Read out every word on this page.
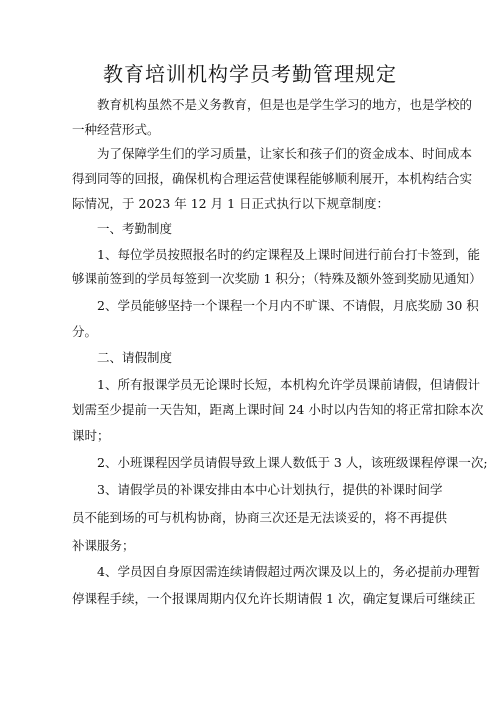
教育培训机构学员考勤管理规定
教育机构虽然不是义务教育，但是也是学生学习的地方，也是学校的
一种经营形式。
为了保障学生们的学习质量，让家长和孩子们的资金成本、时间成本
得到同等的回报，确保机构合理运营使课程能够顺利展开，本机构结合实
际情况，于 2023 年 12 月 1 日正式执行以下规章制度：
一、考勤制度
1、每位学员按照报名时的约定课程及上课时间进行前台打卡签到，能
够课前签到的学员每签到一次奖励 1 积分；（特殊及额外签到奖励见通知）
2、学员能够坚持一个课程一个月内不旷课、不请假，月底奖励 30 积
分。
二、请假制度
1、所有报课学员无论课时长短，本机构允许学员课前请假，但请假计
划需至少提前一天告知，距离上课时间 24 小时以内告知的将正常扣除本次
课时；
2、小班课程因学员请假导致上课人数低于 3 人，该班级课程停课一次;
3、请假学员的补课安排由本中心计划执行，提供的补课时间学
员不能到场的可与机构协商，协商三次还是无法谈妥的，将不再提供
补课服务；
4、学员因自身原因需连续请假超过两次课及以上的，务必提前办理暂
停课程手续，一个报课周期内仅允许长期请假 1 次，确定复课后可继续正
